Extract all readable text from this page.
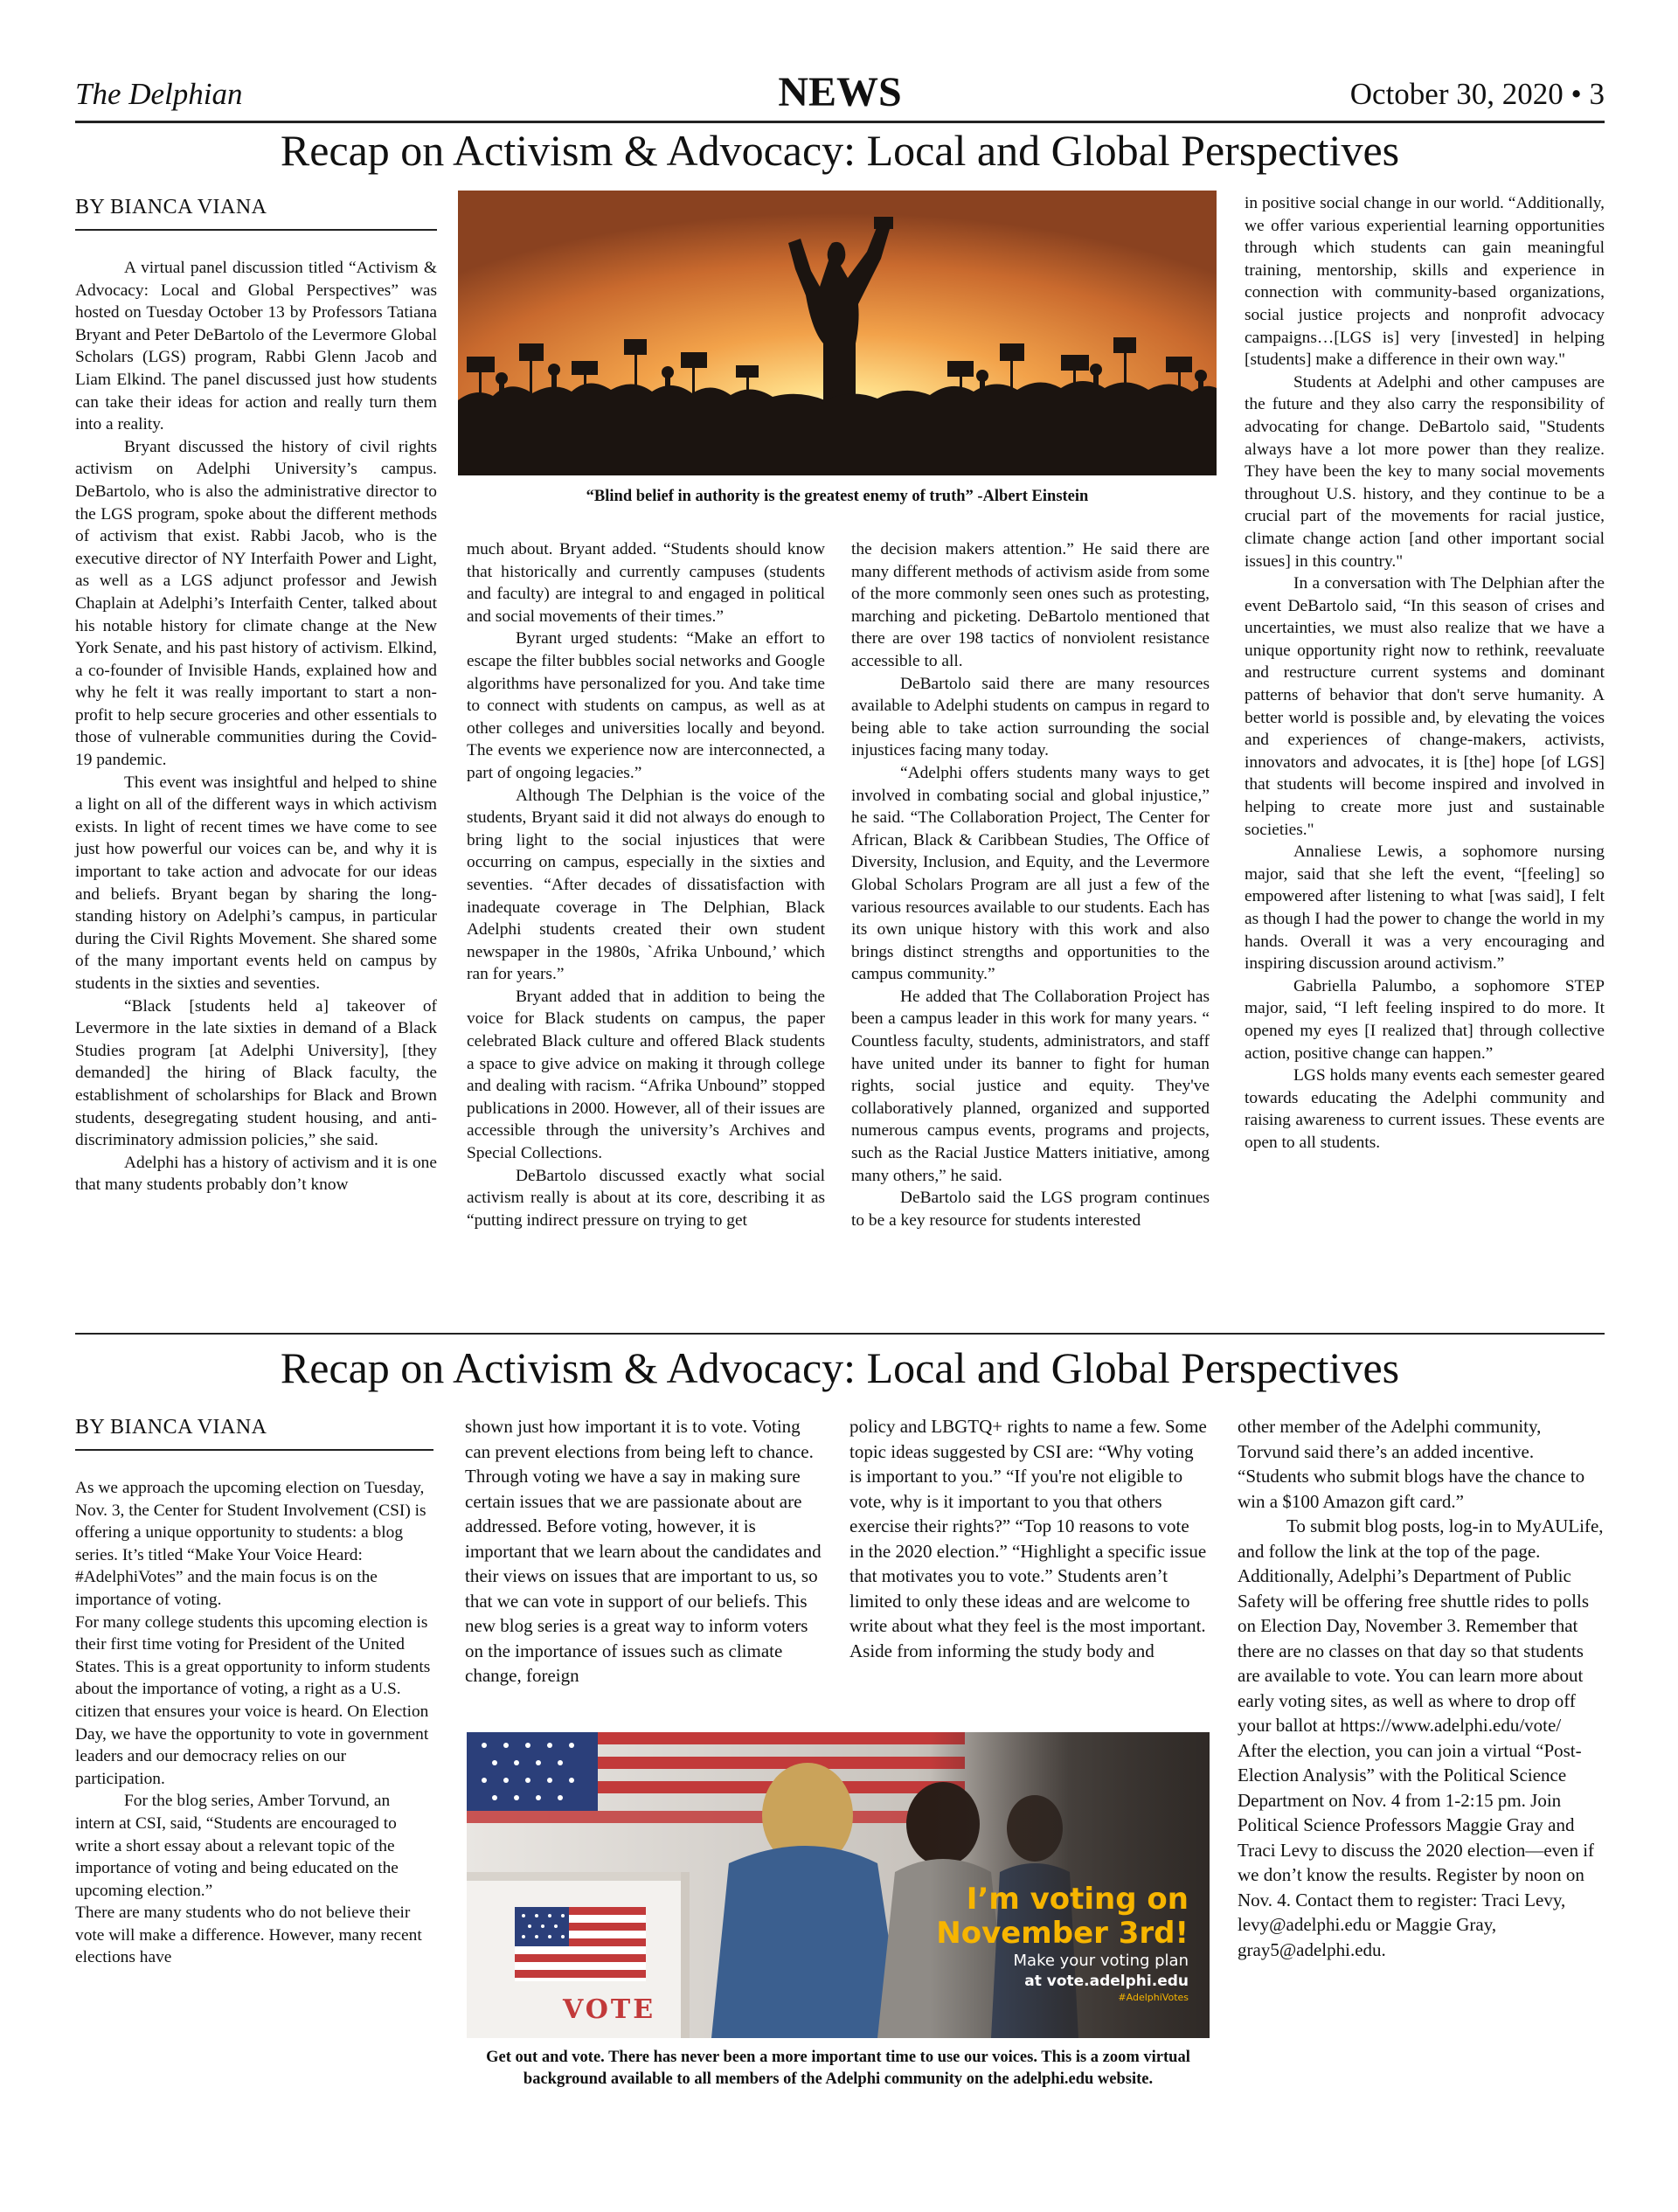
The Delphian	NEWS	October 30, 2020 • 3
Recap on Activism & Advocacy: Local and Global Perspectives
BY BIANCA VIANA

A virtual panel discussion titled “Activism & Advocacy: Local and Global Perspectives” was hosted on Tuesday October 13 by Professors Tatiana Bryant and Peter DeBartolo of the Levermore Global Scholars (LGS) program, Rabbi Glenn Jacob and Liam Elkind. The panel discussed just how students can take their ideas for action and really turn them into a reality.

Bryant discussed the history of civil rights activism on Adelphi University’s campus. DeBartolo, who is also the administrative director to the LGS program, spoke about the different methods of activism that exist. Rabbi Jacob, who is the executive director of NY Interfaith Power and Light, as well as a LGS adjunct professor and Jewish Chaplain at Adelphi’s Interfaith Center, talked about his notable history for climate change at the New York Senate, and his past history of activism. Elkind, a co-founder of Invisible Hands, explained how and why he felt it was really important to start a non-profit to help secure groceries and other essentials to those of vulnerable communities during the Covid-19 pandemic.

This event was insightful and helped to shine a light on all of the different ways in which activism exists. In light of recent times we have come to see just how powerful our voices can be, and why it is important to take action and advocate for our ideas and beliefs. Bryant began by sharing the long-standing history on Adelphi’s campus, in particular during the Civil Rights Movement. She shared some of the many important events held on campus by students in the sixties and seventies.

“Black [students held a] takeover of Levermore in the late sixties in demand of a Black Studies program [at Adelphi University], [they demanded] the hiring of Black faculty, the establishment of scholarships for Black and Brown students, desegregating student housing, and anti-discriminatory admission policies,” she said.

Adelphi has a history of activism and it is one that many students probably don’t know

“Blind belief in authority is the greatest enemy of truth” -Albert Einstein

much about. Bryant added. “Students should know that historically and currently campuses (students and faculty) are integral to and engaged in political and social movements of their times.”

Byrant urged students: “Make an effort to escape the filter bubbles social networks and Google algorithms have personalized for you. And take time to connect with students on campus, as well as at other colleges and universities locally and beyond. The events we experience now are interconnected, a part of ongoing legacies.”

Although The Delphian is the voice of the students, Bryant said it did not always do enough to bring light to the social injustices that were occurring on campus, especially in the sixties and seventies. “After decades of dissatisfaction with inadequate coverage in The Delphian, Black Adelphi students created their own student newspaper in the 1980s, `Afrika Unbound,’ which ran for years.”

Bryant added that in addition to being the voice for Black students on campus, the paper celebrated Black culture and offered Black students a space to give advice on making it through college and dealing with racism. “Afrika Unbound” stopped publications in 2000. However, all of their issues are accessible through the university’s Archives and Special Collections.

DeBartolo discussed exactly what social activism really is about at its core, describing it as “putting indirect pressure on trying to get

the decision makers attention.” He said there are many different methods of activism aside from some of the more commonly seen ones such as protesting, marching and picketing. DeBartolo mentioned that there are over 198 tactics of nonviolent resistance accessible to all.

DeBartolo said there are many resources available to Adelphi students on campus in regard to being able to take action surrounding the social injustices facing many today.

“Adelphi offers students many ways to get involved in combating social and global injustice,” he said. “The Collaboration Project, The Center for African, Black & Caribbean Studies, The Office of Diversity, Inclusion, and Equity, and the Levermore Global Scholars Program are all just a few of the various resources available to our students. Each has its own unique history with this work and also brings distinct strengths and opportunities to the campus community.”

He added that The Collaboration Project has been a campus leader in this work for many years. “ Countless faculty, students, administrators, and staff have united under its banner to fight for human rights, social justice and equity. They've collaboratively planned, organized and supported numerous campus events, programs and projects, such as the Racial Justice Matters initiative, among many others,” he said.

DeBartolo said the LGS program continues to be a key resource for students interested

in positive social change in our world. “Additionally, we offer various experiential learning opportunities through which students can gain meaningful training, mentorship, skills and experience in connection with community-based organizations, social justice projects and nonprofit advocacy campaigns…[LGS is] very [invested] in helping [students] make a difference in their own way."

Students at Adelphi and other campuses are the future and they also carry the responsibility of advocating for change. DeBartolo said, "Students always have a lot more power than they realize. They have been the key to many social movements throughout U.S. history, and they continue to be a crucial part of the movements for racial justice, climate change action [and other important social issues] in this country."

In a conversation with The Delphian after the event DeBartolo said, “In this season of crises and uncertainties, we must also realize that we have a unique opportunity right now to rethink, reevaluate and restructure current systems and dominant patterns of behavior that don't serve humanity. A better world is possible and, by elevating the voices and experiences of change-makers, activists, innovators and advocates, it is [the] hope [of LGS] that students will become inspired and involved in helping to create more just and sustainable societies."

Annaliese Lewis, a sophomore nursing major, said that she left the event, “[feeling] so empowered after listening to what [was said], I felt as though I had the power to change the world in my hands. Overall it was a very encouraging and inspiring discussion around activism.”

Gabriella Palumbo, a sophomore STEP major, said, “I left feeling inspired to do more. It opened my eyes [I realized that] through collective action, positive change can happen.”

LGS holds many events each semester geared towards educating the Adelphi community and raising awareness to current issues. These events are open to all students.

Recap on Activism & Advocacy: Local and Global Perspectives
BY BIANCA VIANA

As we approach the upcoming election on Tuesday, Nov. 3, the Center for Student Involvement (CSI) is offering a unique opportunity to students: a blog series. It’s titled “Make Your Voice Heard: #AdelphiVotes” and the main focus is on the importance of voting.

For many college students this upcoming election is their first time voting for President of the United States. This is a great opportunity to inform students about the importance of voting, a right as a U.S. citizen that ensures your voice is heard. On Election Day, we have the opportunity to vote in government leaders and our democracy relies on our participation.

For the blog series, Amber Torvund, an intern at CSI, said, “Students are encouraged to write a short essay about a relevant topic of the importance of voting and being educated on the upcoming election.”

There are many students who do not believe their vote will make a difference. However, many recent elections have

shown just how important it is to vote. Voting can prevent elections from being left to chance. Through voting we have a say in making sure certain issues that we are passionate about are addressed. Before voting, however, it is important that we learn about the candidates and their views on issues that are important to us, so that we can vote in support of our beliefs. This new blog series is a great way to inform voters on the importance of issues such as climate change, foreign

policy and LBGTQ+ rights to name a few. Some topic ideas suggested by CSI are: “Why voting is important to you.” “If you're not eligible to vote, why is it important to you that others exercise their rights?” “Top 10 reasons to vote in the 2020 election.” “Highlight a specific issue that motivates you to vote.” Students aren’t limited to only these ideas and are welcome to write about what they feel is the most important.

Aside from informing the study body and

other member of the Adelphi community, Torvund said there’s an added incentive. “Students who submit blogs have the chance to win a $100 Amazon gift card.”

To submit blog posts, log-in to MyAULife, and follow the link at the top of the page.

Additionally, Adelphi’s Department of Public Safety will be offering free shuttle rides to polls on Election Day, November 3. Remember that there are no classes on that day so that students are available to vote. You can learn more about early voting sites, as well as where to drop off your ballot at https://www.adelphi.edu/vote/

After the election, you can join a virtual “Post-Election Analysis” with the Political Science Department on Nov. 4 from 1-2:15 pm. Join Political Science Professors Maggie Gray and Traci Levy to discuss the 2020 election—even if we don’t know the results. Register by noon on Nov. 4. Contact them to register: Traci Levy, levy@adelphi.edu or Maggie Gray, gray5@adelphi.edu.

VOTE
I’m voting on
November 3rd!
Make your voting plan
at vote.adelphi.edu
#AdelphiVotes
Get out and vote. There has never been a more important time to use our voices. This is a zoom virtual background available to all members of the Adelphi community on the adelphi.edu website.
